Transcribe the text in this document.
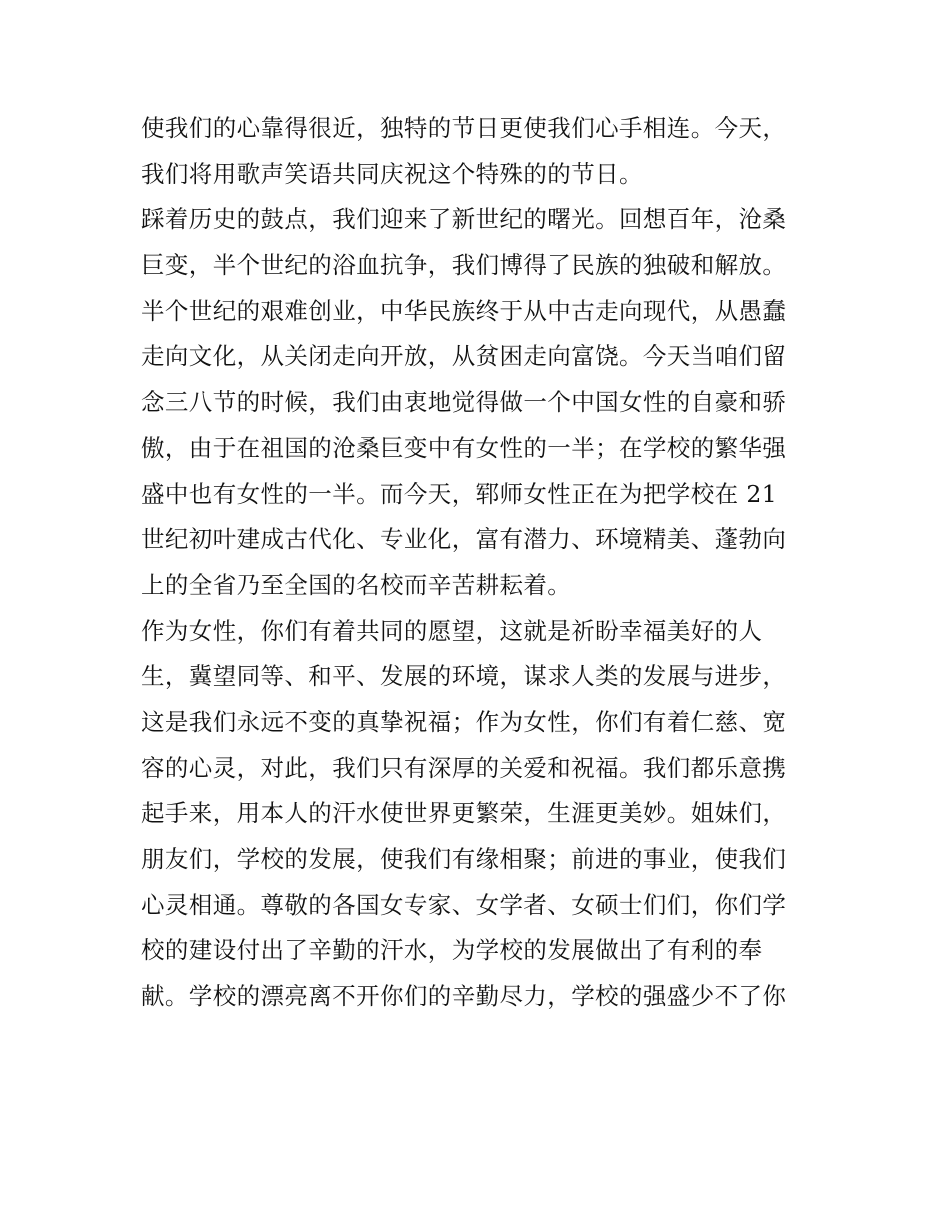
使我们的心靠得很近，独特的节日更使我们心手相连。今天，
我们将用歌声笑语共同庆祝这个特殊的的节日。
踩着历史的鼓点，我们迎来了新世纪的曙光。回想百年，沧桑
巨变，半个世纪的浴血抗争，我们博得了民族的独破和解放。
半个世纪的艰难创业，中华民族终于从中古走向现代，从愚蠢
走向文化，从关闭走向开放，从贫困走向富饶。今天当咱们留
念三八节的时候，我们由衷地觉得做一个中国女性的自豪和骄
傲，由于在祖国的沧桑巨变中有女性的一半；在学校的繁华强
盛中也有女性的一半。而今天，郓师女性正在为把学校在 21
世纪初叶建成古代化、专业化，富有潜力、环境精美、蓬勃向
上的全省乃至全国的名校而辛苦耕耘着。
作为女性，你们有着共同的愿望，这就是祈盼幸福美好的人
生，冀望同等、和平、发展的环境，谋求人类的发展与进步，
这是我们永远不变的真挚祝福；作为女性，你们有着仁慈、宽
容的心灵，对此，我们只有深厚的关爱和祝福。我们都乐意携
起手来，用本人的汗水使世界更繁荣，生涯更美妙。姐妹们，
朋友们，学校的发展，使我们有缘相聚；前进的事业，使我们
心灵相通。尊敬的各国女专家、女学者、女硕士们们，你们学
校的建设付出了辛勤的汗水，为学校的发展做出了有利的奉
献。学校的漂亮离不开你们的辛勤尽力，学校的强盛少不了你
